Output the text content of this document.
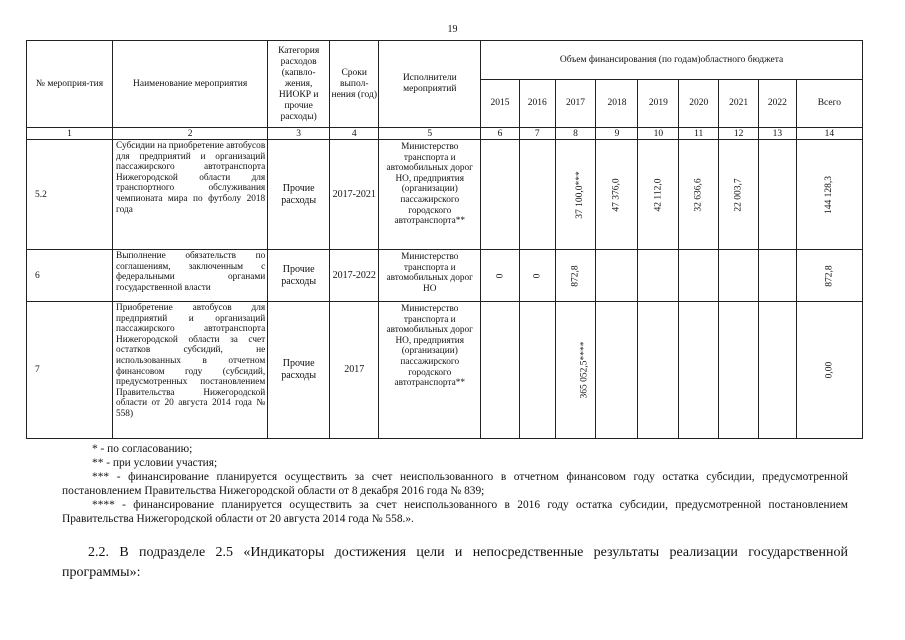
19
№ мероприя-тия	Наименование мероприятия	Категория расходов (капвло-жения, НИОКР и прочие расходы)	Сроки выпол-нения (год)	Исполнители мероприятий	Объем финансирования (по годам)областного бюджета								
					2015	2016	2017	2018	2019	2020	2021	2022	Всего
1	2	3	4	5	6	7	8	9	10	11	12	13	14
5.2	Субсидии на приобретение автобусов для предприятий и организаций пассажирского автотранспорта Нижегородской области для транспортного обслуживания чемпионата мира по футболу 2018 года	Прочие расходы	2017-2021	Министерство транспорта и автомобильных дорог НО, предприятия (организации) пассажирского городского автотранспорта**			37 100,0***	47 376,0	42 112,0	32 636,6	22 003,7		144 128,3
6	Выполнение обязательств по соглашениям, заключенным с федеральными органами государственной власти	Прочие расходы	2017-2022	Министерство транспорта и автомобильных дорог НО	0	0	872,8						872,8
7	Приобретение автобусов для предприятий и организаций пассажирского автотранспорта Нижегородской области за счет остатков субсидий, не использованных в отчетном финансовом году (субсидий, предусмотренных постановлением Правительства Нижегородской области от 20 августа 2014 года № 558)	Прочие расходы	2017	Министерство транспорта и автомобильных дорог НО, предприятия (организации) пассажирского городского автотранспорта**			365 052,5****						0,00

* - по согласованию;

** - при условии участия;

*** - финансирование планируется осуществить за счет неиспользованного в отчетном финансовом году остатка субсидии, предусмотренной постановлением Правительства Нижегородской области от 8 декабря 2016 года № 839;

**** - финансирование планируется осуществить за счет неиспользованного в 2016 году остатка субсидии, предусмотренной постановлением Правительства Нижегородской области от 20 августа 2014 года № 558.».

2.2. В подразделе 2.5 «Индикаторы достижения цели и непосредственные результаты реализации государственной программы»:
